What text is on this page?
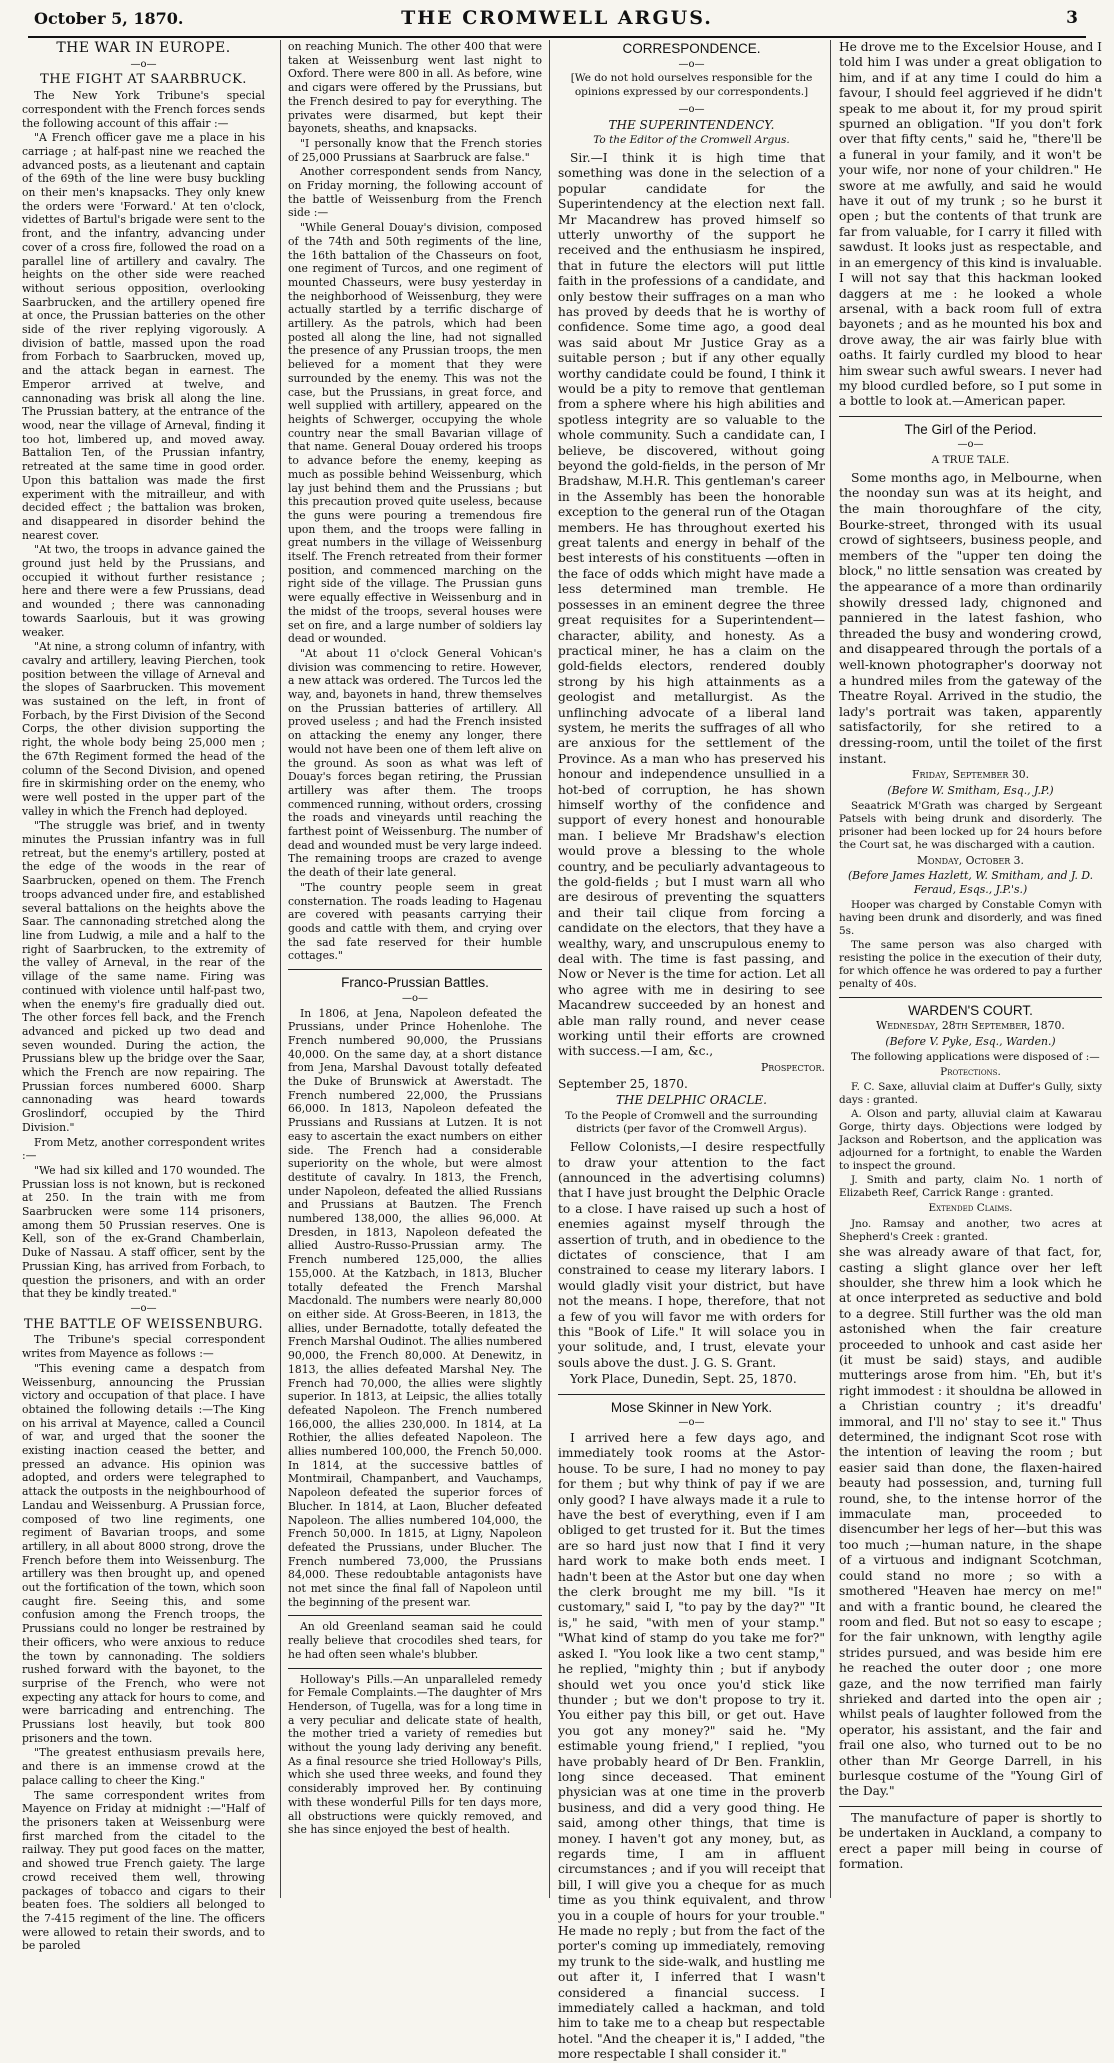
October 5, 1870.	THE CROMWELL ARGUS.	3
THE WAR IN EUROPE.
—o—
THE FIGHT AT SAARBRUCK.

The New York Tribune's special correspondent with the French forces sends the following account of this affair :—

"A French officer gave me a place in his carriage ; at half-past nine we reached the advanced posts, as a lieutenant and captain of the 69th of the line were busy buckling on their men's knapsacks. They only knew the orders were 'Forward.' At ten o'clock, videttes of Bartul's brigade were sent to the front, and the infantry, advancing under cover of a cross fire, followed the road on a parallel line of artillery and cavalry. The heights on the other side were reached without serious opposition, overlooking Saarbrucken, and the artillery opened fire at once, the Prussian batteries on the other side of the river replying vigorously. A division of battle, massed upon the road from Forbach to Saarbrucken, moved up, and the attack began in earnest. The Emperor arrived at twelve, and cannonading was brisk all along the line. The Prussian battery, at the entrance of the wood, near the village of Arneval, finding it too hot, limbered up, and moved away. Battalion Ten, of the Prussian infantry, retreated at the same time in good order. Upon this battalion was made the first experiment with the mitrailleur, and with decided effect ; the battalion was broken, and disappeared in disorder behind the nearest cover.

"At two, the troops in advance gained the ground just held by the Prussians, and occupied it without further resistance ; here and there were a few Prussians, dead and wounded ; there was cannonading towards Saarlouis, but it was growing weaker.

"At nine, a strong column of infantry, with cavalry and artillery, leaving Pierchen, took position between the village of Arneval and the slopes of Saarbrucken. This movement was sustained on the left, in front of Forbach, by the First Division of the Second Corps, the other division supporting the right, the whole body being 25,000 men ; the 67th Regiment formed the head of the column of the Second Division, and opened fire in skirmishing order on the enemy, who were well posted in the upper part of the valley in which the French had deployed.

"The struggle was brief, and in twenty minutes the Prussian infantry was in full retreat, but the enemy's artillery, posted at the edge of the woods in the rear of Saarbrucken, opened on them. The French troops advanced under fire, and established several battalions on the heights above the Saar. The cannonading stretched along the line from Ludwig, a mile and a half to the right of Saarbrucken, to the extremity of the valley of Arneval, in the rear of the village of the same name. Firing was continued with violence until half-past two, when the enemy's fire gradually died out. The other forces fell back, and the French advanced and picked up two dead and seven wounded. During the action, the Prussians blew up the bridge over the Saar, which the French are now repairing. The Prussian forces numbered 6000. Sharp cannonading was heard towards Groslindorf, occupied by the Third Division."

From Metz, another correspondent writes :—

"We had six killed and 170 wounded. The Prussian loss is not known, but is reckoned at 250. In the train with me from Saarbrucken were some 114 prisoners, among them 50 Prussian reserves. One is Kell, son of the ex-Grand Chamberlain, Duke of Nassau. A staff officer, sent by the Prussian King, has arrived from Forbach, to question the prisoners, and with an order that they be kindly treated."

—o—
THE BATTLE OF WEISSENBURG.

The Tribune's special correspondent writes from Mayence as follows :—

"This evening came a despatch from Weissenburg, announcing the Prussian victory and occupation of that place. I have obtained the following details :—The King on his arrival at Mayence, called a Council of war, and urged that the sooner the existing inaction ceased the better, and pressed an advance. His opinion was adopted, and orders were telegraphed to attack the outposts in the neighbourhood of Landau and Weissenburg. A Prussian force, composed of two line regiments, one regiment of Bavarian troops, and some artillery, in all about 8000 strong, drove the French before them into Weissenburg. The artillery was then brought up, and opened out the fortification of the town, which soon caught fire. Seeing this, and some confusion among the French troops, the Prussians could no longer be restrained by their officers, who were anxious to reduce the town by cannonading. The soldiers rushed forward with the bayonet, to the surprise of the French, who were not expecting any attack for hours to come, and were barricading and entrenching. The Prussians lost heavily, but took 800 prisoners and the town.

"The greatest enthusiasm prevails here, and there is an immense crowd at the palace calling to cheer the King."

The same correspondent writes from Mayence on Friday at midnight :—"Half of the prisoners taken at Weissenburg were first marched from the citadel to the railway. They put good faces on the matter, and showed true French gaiety. The large crowd received them well, throwing packages of tobacco and cigars to their beaten foes. The soldiers all belonged to the 7-415 regiment of the line. The officers were allowed to retain their swords, and to be paroled

on reaching Munich. The other 400 that were taken at Weissenburg went last night to Oxford. There were 800 in all. As before, wine and cigars were offered by the Prussians, but the French desired to pay for everything. The privates were disarmed, but kept their bayonets, sheaths, and knapsacks.

"I personally know that the French stories of 25,000 Prussians at Saarbruck are false."

Another correspondent sends from Nancy, on Friday morning, the following account of the battle of Weissenburg from the French side :—

"While General Douay's division, composed of the 74th and 50th regiments of the line, the 16th battalion of the Chasseurs on foot, one regiment of Turcos, and one regiment of mounted Chasseurs, were busy yesterday in the neighborhood of Weissenburg, they were actually startled by a terrific discharge of artillery. As the patrols, which had been posted all along the line, had not signalled the presence of any Prussian troops, the men believed for a moment that they were surrounded by the enemy. This was not the case, but the Prussians, in great force, and well supplied with artillery, appeared on the heights of Schwerger, occupying the whole country near the small Bavarian village of that name. General Douay ordered his troops to advance before the enemy, keeping as much as possible behind Weissenburg, which lay just behind them and the Prussians ; but this precaution proved quite useless, because the guns were pouring a tremendous fire upon them, and the troops were falling in great numbers in the village of Weissenburg itself. The French retreated from their former position, and commenced marching on the right side of the village. The Prussian guns were equally effective in Weissenburg and in the midst of the troops, several houses were set on fire, and a large number of soldiers lay dead or wounded.

"At about 11 o'clock General Vohican's division was commencing to retire. However, a new attack was ordered. The Turcos led the way, and, bayonets in hand, threw themselves on the Prussian batteries of artillery. All proved useless ; and had the French insisted on attacking the enemy any longer, there would not have been one of them left alive on the ground. As soon as what was left of Douay's forces began retiring, the Prussian artillery was after them. The troops commenced running, without orders, crossing the roads and vineyards until reaching the farthest point of Weissenburg. The number of dead and wounded must be very large indeed. The remaining troops are crazed to avenge the death of their late general.

"The country people seem in great consternation. The roads leading to Hagenau are covered with peasants carrying their goods and cattle with them, and crying over the sad fate reserved for their humble cottages."

Franco-Prussian Battles.
—o—

In 1806, at Jena, Napoleon defeated the Prussians, under Prince Hohenlohe. The French numbered 90,000, the Prussians 40,000. On the same day, at a short distance from Jena, Marshal Davoust totally defeated the Duke of Brunswick at Awerstadt. The French numbered 22,000, the Prussians 66,000. In 1813, Napoleon defeated the Prussians and Russians at Lutzen. It is not easy to ascertain the exact numbers on either side. The French had a considerable superiority on the whole, but were almost destitute of cavalry. In 1813, the French, under Napoleon, defeated the allied Russians and Prussians at Bautzen. The French numbered 138,000, the allies 96,000. At Dresden, in 1813, Napoleon defeated the allied Austro-Russo-Prussian army. The French numbered 125,000, the allies 155,000. At the Katzbach, in 1813, Blucher totally defeated the French Marshal Macdonald. The numbers were nearly 80,000 on either side. At Gross-Beeren, in 1813, the allies, under Bernadotte, totally defeated the French Marshal Oudinot. The allies numbered 90,000, the French 80,000. At Denewitz, in 1813, the allies defeated Marshal Ney. The French had 70,000, the allies were slightly superior. In 1813, at Leipsic, the allies totally defeated Napoleon. The French numbered 166,000, the allies 230,000. In 1814, at La Rothier, the allies defeated Napoleon. The allies numbered 100,000, the French 50,000. In 1814, at the successive battles of Montmirail, Champanbert, and Vauchamps, Napoleon defeated the superior forces of Blucher. In 1814, at Laon, Blucher defeated Napoleon. The allies numbered 104,000, the French 50,000. In 1815, at Ligny, Napoleon defeated the Prussians, under Blucher. The French numbered 73,000, the Prussians 84,000. These redoubtable antagonists have not met since the final fall of Napoleon until the beginning of the present war.

An old Greenland seaman said he could really believe that crocodiles shed tears, for he had often seen whale's blubber.

Holloway's Pills.—An unparalleled remedy for Female Complaints.—The daughter of Mrs Henderson, of Tugella, was for a long time in a very peculiar and delicate state of health, the mother tried a variety of remedies but without the young lady deriving any benefit. As a final resource she tried Holloway's Pills, which she used three weeks, and found they considerably improved her. By continuing with these wonderful Pills for ten days more, all obstructions were quickly removed, and she has since enjoyed the best of health.

CORRESPONDENCE.
—o—
[We do not hold ourselves responsible for the opinions expressed by our correspondents.]
—o—
THE SUPERINTENDENCY.
To the Editor of the Cromwell Argus.

Sir.—I think it is high time that something was done in the selection of a popular candidate for the Superintendency at the election next fall. Mr Macandrew has proved himself so utterly unworthy of the support he received and the enthusiasm he inspired, that in future the electors will put little faith in the professions of a candidate, and only bestow their suffrages on a man who has proved by deeds that he is worthy of confidence. Some time ago, a good deal was said about Mr Justice Gray as a suitable person ; but if any other equally worthy candidate could be found, I think it would be a pity to remove that gentleman from a sphere where his high abilities and spotless integrity are so valuable to the whole community. Such a candidate can, I believe, be discovered, without going beyond the gold-fields, in the person of Mr Bradshaw, M.H.R. This gentleman's career in the Assembly has been the honorable exception to the general run of the Otagan members. He has throughout exerted his great talents and energy in behalf of the best interests of his constituents —often in the face of odds which might have made a less determined man tremble. He possesses in an eminent degree the three great requisites for a Superintendent—character, ability, and honesty. As a practical miner, he has a claim on the gold-fields electors, rendered doubly strong by his high attainments as a geologist and metallurgist. As the unflinching advocate of a liberal land system, he merits the suffrages of all who are anxious for the settlement of the Province. As a man who has preserved his honour and independence unsullied in a hot-bed of corruption, he has shown himself worthy of the confidence and support of every honest and honourable man. I believe Mr Bradshaw's election would prove a blessing to the whole country, and be peculiarly advantageous to the gold-fields ; but I must warn all who are desirous of preventing the squatters and their tail clique from forcing a candidate on the electors, that they have a wealthy, wary, and unscrupulous enemy to deal with. The time is fast passing, and Now or Never is the time for action. Let all who agree with me in desiring to see Macandrew succeeded by an honest and able man rally round, and never cease working until their efforts are crowned with success.—I am, &c.,

Prospector.

September 25, 1870.

THE DELPHIC ORACLE.
To the People of Cromwell and the surrounding districts (per favor of the Cromwell Argus).

Fellow Colonists,—I desire respectfully to draw your attention to the fact (announced in the advertising columns) that I have just brought the Delphic Oracle to a close. I have raised up such a host of enemies against myself through the assertion of truth, and in obedience to the dictates of conscience, that I am constrained to cease my literary labors. I would gladly visit your district, but have not the means. I hope, therefore, that not a few of you will favor me with orders for this "Book of Life." It will solace you in your solitude, and, I trust, elevate your souls above the dust. J. G. S. Grant.

York Place, Dunedin, Sept. 25, 1870.

Mose Skinner in New York.
—o—

I arrived here a few days ago, and immediately took rooms at the Astor-house. To be sure, I had no money to pay for them ; but why think of pay if we are only good? I have always made it a rule to have the best of everything, even if I am obliged to get trusted for it. But the times are so hard just now that I find it very hard work to make both ends meet. I hadn't been at the Astor but one day when the clerk brought me my bill. "Is it customary," said I, "to pay by the day?" "It is," he said, "with men of your stamp." "What kind of stamp do you take me for?" asked I. "You look like a two cent stamp," he replied, "mighty thin ; but if anybody should wet you once you'd stick like thunder ; but we don't propose to try it. You either pay this bill, or get out. Have you got any money?" said he. "My estimable young friend," I replied, "you have probably heard of Dr Ben. Franklin, long since deceased. That eminent physician was at one time in the proverb business, and did a very good thing. He said, among other things, that time is money. I haven't got any money, but, as regards time, I am in affluent circumstances ; and if you will receipt that bill, I will give you a cheque for as much time as you think equivalent, and throw you in a couple of hours for your trouble." He made no reply ; but from the fact of the porter's coming up immediately, removing my trunk to the side-walk, and hustling me out after it, I inferred that I wasn't considered a financial success. I immediately called a hackman, and told him to take me to a cheap but respectable hotel. "And the cheaper it is," I added, "the more respectable I shall consider it."

He drove me to the Excelsior House, and I told him I was under a great obligation to him, and if at any time I could do him a favour, I should feel aggrieved if he didn't speak to me about it, for my proud spirit spurned an obligation. "If you don't fork over that fifty cents," said he, "there'll be a funeral in your family, and it won't be your wife, nor none of your children." He swore at me awfully, and said he would have it out of my trunk ; so he burst it open ; but the contents of that trunk are far from valuable, for I carry it filled with sawdust. It looks just as respectable, and in an emergency of this kind is invaluable. I will not say that this hackman looked daggers at me : he looked a whole arsenal, with a back room full of extra bayonets ; and as he mounted his box and drove away, the air was fairly blue with oaths. It fairly curdled my blood to hear him swear such awful swears. I never had my blood curdled before, so I put some in a bottle to look at.—American paper.

The Girl of the Period.
—o—
A TRUE TALE.

Some months ago, in Melbourne, when the noonday sun was at its height, and the main thoroughfare of the city, Bourke-street, thronged with its usual crowd of sightseers, business people, and members of the "upper ten doing the block," no little sensation was created by the appearance of a more than ordinarily showily dressed lady, chignoned and panniered in the latest fashion, who threaded the busy and wondering crowd, and disappeared through the portals of a well-known photographer's doorway not a hundred miles from the gateway of the Theatre Royal. Arrived in the studio, the lady's portrait was taken, apparently satisfactorily, for she retired to a dressing-room, until the toilet of the first instant.

Friday, September 30.
(Before W. Smitham, Esq., J.P.)

Seaatrick M'Grath was charged by Sergeant Patsels with being drunk and disorderly. The prisoner had been locked up for 24 hours before the Court sat, he was discharged with a caution.

Monday, October 3.
(Before James Hazlett, W. Smitham, and J. D. Feraud, Esqs., J.P.'s.)

Hooper was charged by Constable Comyn with having been drunk and disorderly, and was fined 5s.

The same person was also charged with resisting the police in the execution of their duty, for which offence he was ordered to pay a further penalty of 40s.

WARDEN'S COURT.
Wednesday, 28th September, 1870.
(Before V. Pyke, Esq., Warden.)

The following applications were disposed of :—

Protections.

F. C. Saxe, alluvial claim at Duffer's Gully, sixty days : granted.

A. Olson and party, alluvial claim at Kawarau Gorge, thirty days. Objections were lodged by Jackson and Robertson, and the application was adjourned for a fortnight, to enable the Warden to inspect the ground.

J. Smith and party, claim No. 1 north of Elizabeth Reef, Carrick Range : granted.

Extended Claims.

Jno. Ramsay and another, two acres at Shepherd's Creek : granted.

she was already aware of that fact, for, casting a slight glance over her left shoulder, she threw him a look which he at once interpreted as seductive and bold to a degree. Still further was the old man astonished when the fair creature proceeded to unhook and cast aside her (it must be said) stays, and audible mutterings arose from him. "Eh, but it's right immodest : it shouldna be allowed in a Christian country ; it's dreadfu' immoral, and I'll no' stay to see it." Thus determined, the indignant Scot rose with the intention of leaving the room ; but easier said than done, the flaxen-haired beauty had possession, and, turning full round, she, to the intense horror of the immaculate man, proceeded to disencumber her legs of her—but this was too much ;—human nature, in the shape of a virtuous and indignant Scotchman, could stand no more ; so with a smothered "Heaven hae mercy on me!" and with a frantic bound, he cleared the room and fled. But not so easy to escape ; for the fair unknown, with lengthy agile strides pursued, and was beside him ere he reached the outer door ; one more gaze, and the now terrified man fairly shrieked and darted into the open air ; whilst peals of laughter followed from the operator, his assistant, and the fair and frail one also, who turned out to be no other than Mr George Darrell, in his burlesque costume of the "Young Girl of the Day."

The manufacture of paper is shortly to be undertaken in Auckland, a company to erect a paper mill being in course of formation.
